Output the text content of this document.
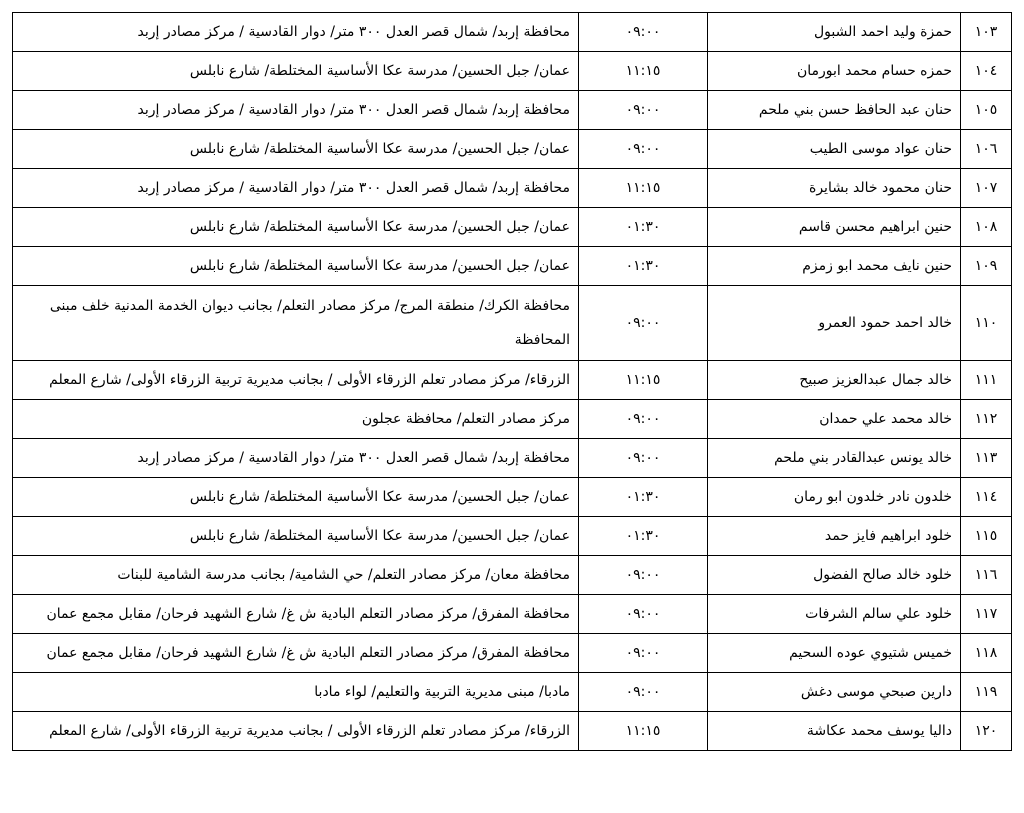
١٠٣	حمزة وليد احمد الشبول	٠٩:٠٠	محافظة إربد/ شمال قصر العدل ٣٠٠ متر/ دوار القادسية / مركز مصادر إربد
١٠٤	حمزه حسام محمد ابورمان	١١:١٥	عمان/ جبل الحسين/ مدرسة عكا الأساسية المختلطة/ شارع نابلس
١٠٥	حنان عبد الحافظ حسن بني ملحم	٠٩:٠٠	محافظة إربد/ شمال قصر العدل ٣٠٠ متر/ دوار القادسية / مركز مصادر إربد
١٠٦	حنان عواد موسى الطيب	٠٩:٠٠	عمان/ جبل الحسين/ مدرسة عكا الأساسية المختلطة/ شارع نابلس
١٠٧	حنان محمود خالد بشايرة	١١:١٥	محافظة إربد/ شمال قصر العدل ٣٠٠ متر/ دوار القادسية / مركز مصادر إربد
١٠٨	حنين ابراهيم محسن قاسم	٠١:٣٠	عمان/ جبل الحسين/ مدرسة عكا الأساسية المختلطة/ شارع نابلس
١٠٩	حنين نايف محمد ابو زمزم	٠١:٣٠	عمان/ جبل الحسين/ مدرسة عكا الأساسية المختلطة/ شارع نابلس
١١٠	خالد احمد حمود العمرو	٠٩:٠٠	محافظة الكرك/ منطقة المرج/ مركز مصادر التعلم/ بجانب ديوان الخدمة المدنية خلف مبنى المحافظة
١١١	خالد جمال عبدالعزيز صبيح	١١:١٥	الزرقاء/ مركز مصادر تعلم الزرقاء الأولى / بجانب مديرية تربية الزرقاء الأولى/ شارع المعلم
١١٢	خالد محمد علي حمدان	٠٩:٠٠	مركز مصادر التعلم/ محافظة عجلون
١١٣	خالد يونس عبدالقادر بني ملحم	٠٩:٠٠	محافظة إربد/ شمال قصر العدل ٣٠٠ متر/ دوار القادسية / مركز مصادر إربد
١١٤	خلدون نادر خلدون ابو رمان	٠١:٣٠	عمان/ جبل الحسين/ مدرسة عكا الأساسية المختلطة/ شارع نابلس
١١٥	خلود ابراهيم فايز حمد	٠١:٣٠	عمان/ جبل الحسين/ مدرسة عكا الأساسية المختلطة/ شارع نابلس
١١٦	خلود خالد صالح الفضول	٠٩:٠٠	محافظة معان/ مركز مصادر التعلم/ حي الشامية/ بجانب مدرسة الشامية للبنات
١١٧	خلود علي سالم الشرفات	٠٩:٠٠	محافظة المفرق/ مركز مصادر التعلم البادية ش غ/ شارع الشهيد فرحان/ مقابل مجمع عمان
١١٨	خميس شتيوي عوده السحيم	٠٩:٠٠	محافظة المفرق/ مركز مصادر التعلم البادية ش غ/ شارع الشهيد فرحان/ مقابل مجمع عمان
١١٩	دارين صبحي موسى دغش	٠٩:٠٠	مادبا/ مبنى مديرية التربية والتعليم/ لواء مادبا
١٢٠	داليا يوسف محمد عكاشة	١١:١٥	الزرقاء/ مركز مصادر تعلم الزرقاء الأولى / بجانب مديرية تربية الزرقاء الأولى/ شارع المعلم
